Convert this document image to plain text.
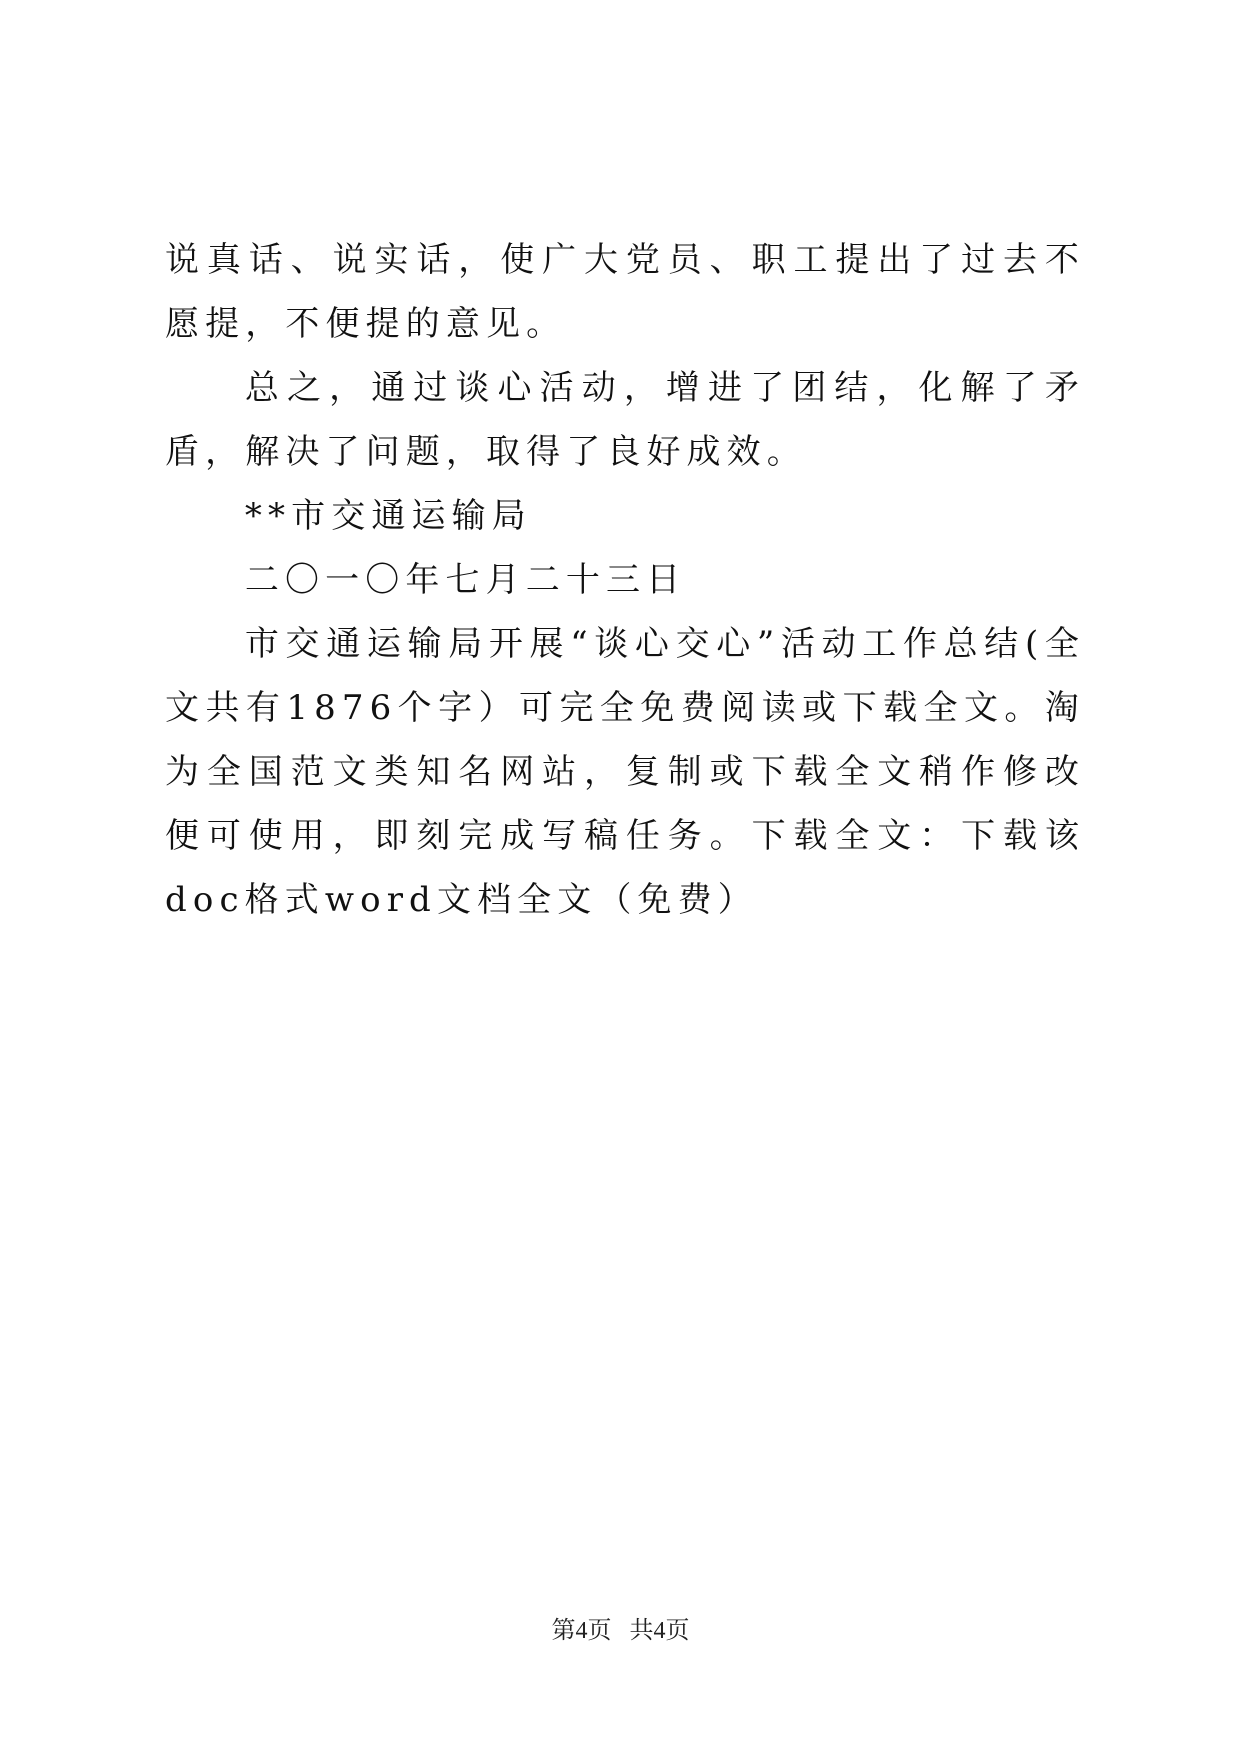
说真话、说实话，使广大党员、职工提出了过去不愿提，不便提的意见。

总之，通过谈心活动，增进了团结，化解了矛盾，解决了问题，取得了良好成效。

**市交通运输局

二〇一〇年七月二十三日

市交通运输局开展“谈心交心”活动工作总结(全文共有1876个字）可完全免费阅读或下载全文。淘为全国范文类知名网站，复制或下载全文稍作修改便可使用，即刻完成写稿任务。下载全文：下载该doc格式word文档全文（免费）

第4页 共4页
